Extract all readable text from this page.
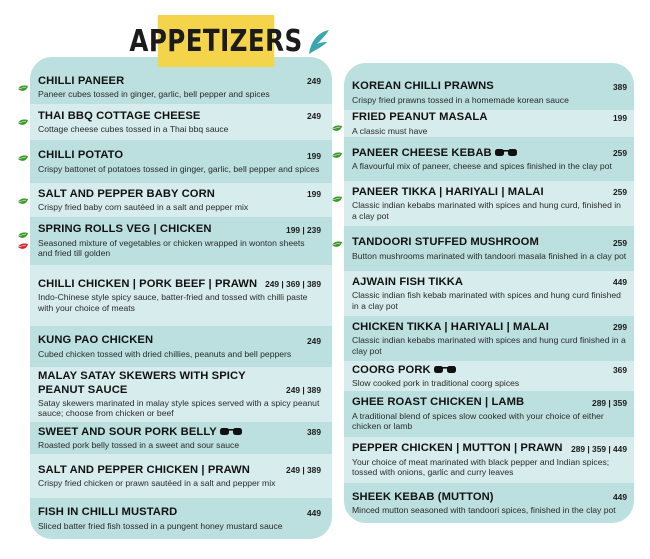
APPETIZERS
CHILLI PANEER	249
Paneer cubes tossed in ginger, garlic, bell pepper and spices
THAI BBQ COTTAGE CHEESE	249
Cottage cheese cubes tossed in a Thai bbq sauce
CHILLI POTATO	199
Crispy battonet of potatoes tossed in ginger, garlic, bell pepper and spices
SALT AND PEPPER BABY CORN	199
Crispy fried baby corn sautéed in a salt and pepper mix
SPRING ROLLS VEG | CHICKEN	199 | 239
Seasoned mixture of vegetables or chicken wrapped in wonton sheets and fried till golden
CHILLI CHICKEN | PORK BEEF | PRAWN 249 | 369 | 389
Indo-Chinese style spicy sauce, batter-fried and tossed with chilli paste with your choice of meats
KUNG PAO CHICKEN	249
Cubed chicken tossed with dried chillies, peanuts and bell peppers
MALAY SATAY SKEWERS WITH SPICY PEANUT SAUCE	249 | 389
Satay skewers marinated in malay style spices served with a spicy peanut sauce; choose from chicken or beef
SWEET AND SOUR PORK BELLY	389
Roasted pork belly tossed in a sweet and sour sauce
SALT AND PEPPER CHICKEN | PRAWN	249 | 389
Crispy fried chicken or prawn sautéed in a salt and pepper mix
FISH IN CHILLI MUSTARD	449
Sliced batter fried fish tossed in a pungent honey mustard sauce
KOREAN CHILLI PRAWNS	389
Crispy fried prawns tossed in a homemade korean sauce
FRIED PEANUT MASALA	199
A classic must have
PANEER CHEESE KEBAB	259
A flavourful mix of paneer, cheese and spices finished in the clay pot
PANEER TIKKA | HARIYALI | MALAI	259
Classic indian kebabs marinated with spices and hung curd, finished in a clay pot
TANDOORI STUFFED MUSHROOM	259
Button mushrooms marinated with tandoori masala finished in a clay pot
AJWAIN FISH TIKKA	449
Classic indian fish kebab marinated with spices and hung curd finished in a clay pot
CHICKEN TIKKA | HARIYALI | MALAI	299
Classic indian kebabs marinated with spices and hung curd finished in a clay pot
COORG PORK	369
Slow cooked pork in traditional coorg spices
GHEE ROAST CHICKEN | LAMB	289 | 359
A traditional blend of spices slow cooked with your choice of either chicken or lamb
PEPPER CHICKEN | MUTTON | PRAWN	289 | 359 | 449
Your choice of meat marinated with black pepper and Indian spices; tossed with onions, garlic and curry leaves
SHEEK KEBAB (MUTTON)	449
Minced mutton seasoned with tandoori spices, finished in the clay pot
